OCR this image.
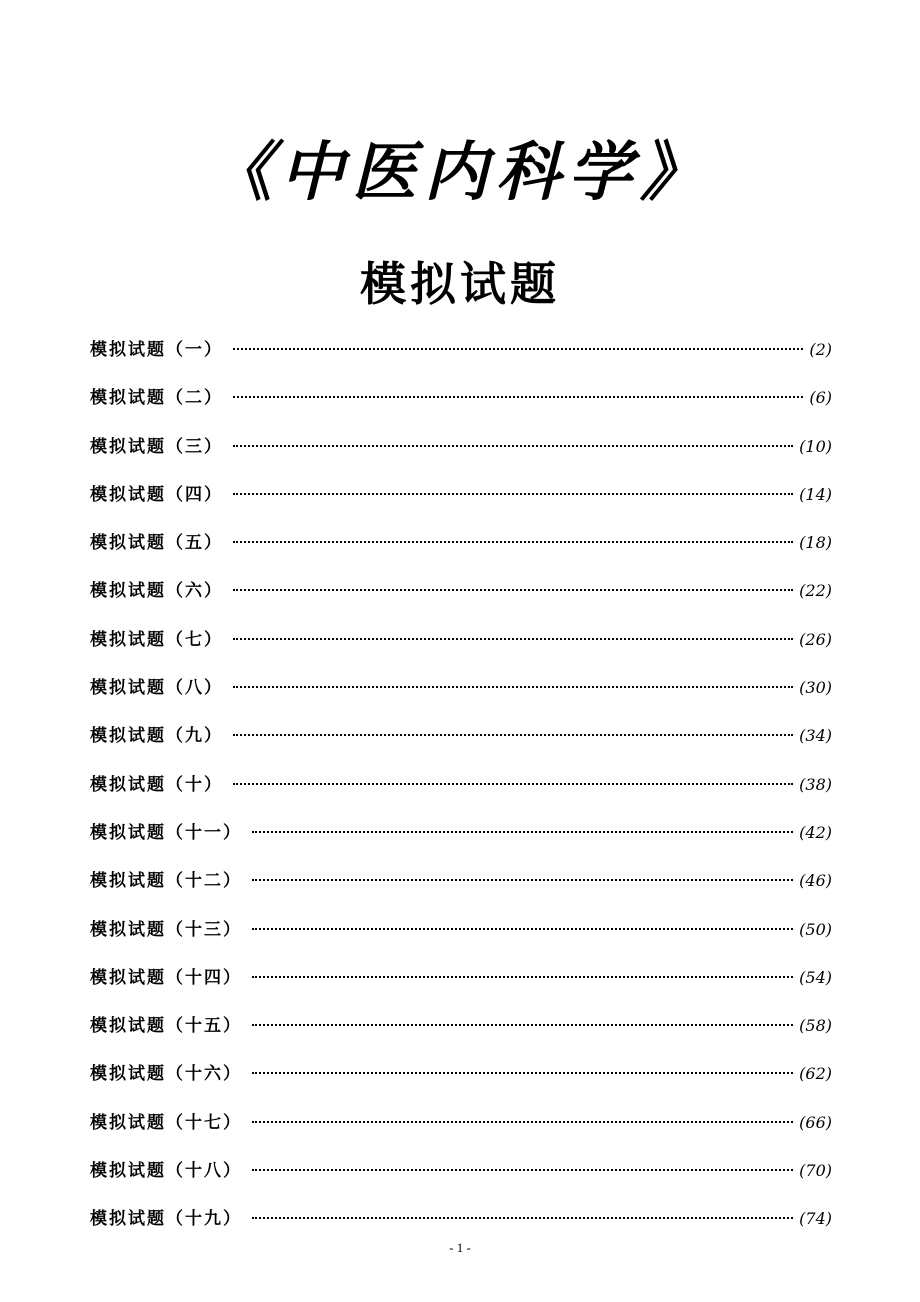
《中医内科学》
模拟试题
模拟试题（一）	(2)
模拟试题（二）	(6)
模拟试题（三）	(10)
模拟试题（四）	(14)
模拟试题（五）	(18)
模拟试题（六）	(22)
模拟试题（七）	(26)
模拟试题（八）	(30)
模拟试题（九）	(34)
模拟试题（十）	(38)
模拟试题（十一）	(42)
模拟试题（十二）	(46)
模拟试题（十三）	(50)
模拟试题（十四）	(54)
模拟试题（十五）	(58)
模拟试题（十六）	(62)
模拟试题（十七）	(66)
模拟试题（十八）	(70)
模拟试题（十九）	(74)
- 1 -
